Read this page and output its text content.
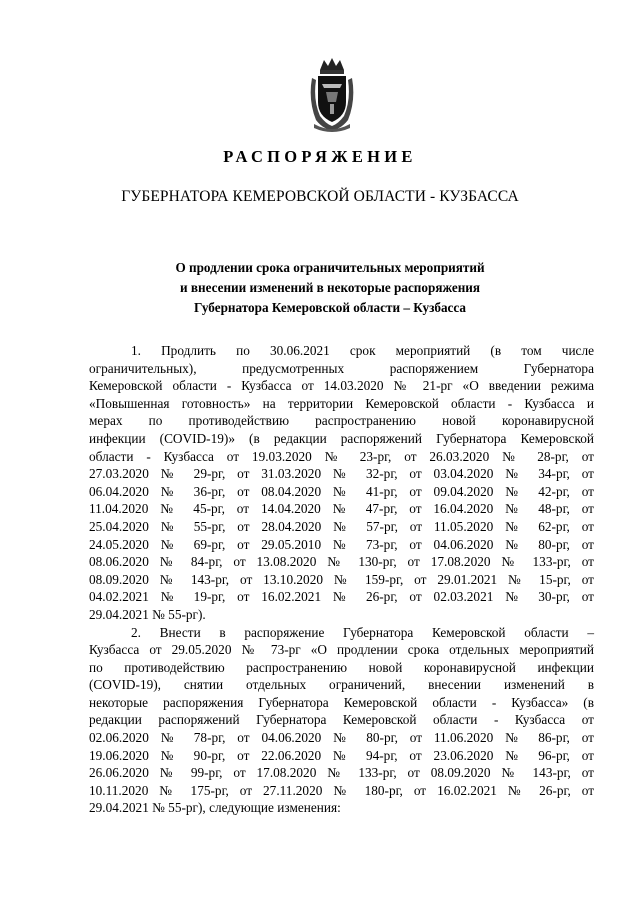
РАСПОРЯЖЕНИЕ
ГУБЕРНАТОРА КЕМЕРОВСКОЙ ОБЛАСТИ - КУЗБАССА
О продлении срока ограничительных мероприятий
и внесении изменений в некоторые распоряжения
Губернатора Кемеровской области – Кузбасса
1. Продлить по 30.06.2021 срок мероприятий (в том числе
ограничительных), предусмотренных распоряжением Губернатора
Кемеровской области - Кузбасса от 14.03.2020 № 21-рг «О введении режима
«Повышенная готовность» на территории Кемеровской области - Кузбасса и
мерах по противодействию распространению новой коронавирусной
инфекции (COVID-19)» (в редакции распоряжений Губернатора Кемеровской
области - Кузбасса от 19.03.2020 № 23-рг, от 26.03.2020 № 28-рг, от
27.03.2020 № 29-рг, от 31.03.2020 № 32-рг, от 03.04.2020 № 34-рг, от
06.04.2020 № 36-рг, от 08.04.2020 № 41-рг, от 09.04.2020 № 42-рг, от
11.04.2020 № 45-рг, от 14.04.2020 № 47-рг, от 16.04.2020 № 48-рг, от
25.04.2020 № 55-рг, от 28.04.2020 № 57-рг, от 11.05.2020 № 62-рг, от
24.05.2020 № 69-рг, от 29.05.2010 № 73-рг, от 04.06.2020 № 80-рг, от
08.06.2020 № 84-рг, от 13.08.2020 № 130-рг, от 17.08.2020 № 133-рг, от
08.09.2020 № 143-рг, от 13.10.2020 № 159-рг, от 29.01.2021 № 15-рг, от
04.02.2021 № 19-рг, от 16.02.2021 № 26-рг, от 02.03.2021 № 30-рг, от
29.04.2021 № 55-рг).
2. Внести в распоряжение Губернатора Кемеровской области –
Кузбасса от 29.05.2020 № 73-рг «О продлении срока отдельных мероприятий
по противодействию распространению новой коронавирусной инфекции
(COVID-19), снятии отдельных ограничений, внесении изменений в
некоторые распоряжения Губернатора Кемеровской области - Кузбасса» (в
редакции распоряжений Губернатора Кемеровской области - Кузбасса от
02.06.2020 № 78-рг, от 04.06.2020 № 80-рг, от 11.06.2020 № 86-рг, от
19.06.2020 № 90-рг, от 22.06.2020 № 94-рг, от 23.06.2020 № 96-рг, от
26.06.2020 № 99-рг, от 17.08.2020 № 133-рг, от 08.09.2020 № 143-рг, от
10.11.2020 № 175-рг, от 27.11.2020 № 180-рг, от 16.02.2021 № 26-рг, от
29.04.2021 № 55-рг), следующие изменения:
